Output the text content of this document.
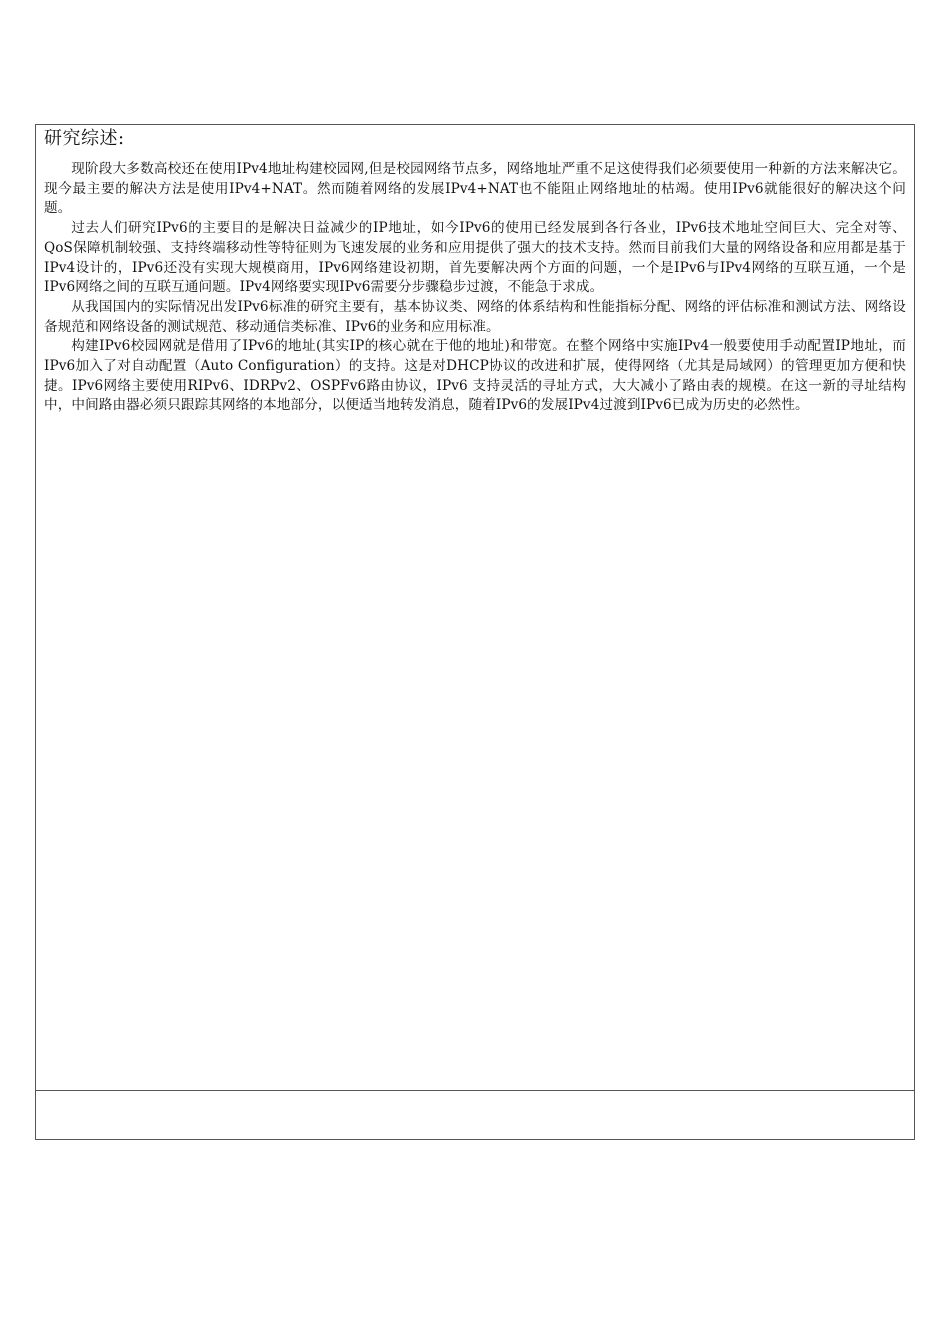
研究综述:

现阶段大多数高校还在使用IPv4地址构建校园网,但是校园网络节点多，网络地址严重不足这使得我们必须要使用一种新的方法来解决它。现今最主要的解决方法是使用IPv4+NAT。然而随着网络的发展IPv4+NAT也不能阻止网络地址的枯竭。使用IPv6就能很好的解决这个问题。

过去人们研究IPv6的主要目的是解决日益减少的IP地址，如今IPv6的使用已经发展到各行各业，IPv6技术地址空间巨大、完全对等、QoS保障机制较强、支持终端移动性等特征则为飞速发展的业务和应用提供了强大的技术支持。然而目前我们大量的网络设备和应用都是基于IPv4设计的，IPv6还没有实现大规模商用，IPv6网络建设初期，首先要解决两个方面的问题，一个是IPv6与IPv4网络的互联互通，一个是IPv6网络之间的互联互通问题。IPv4网络要实现IPv6需要分步骤稳步过渡，不能急于求成。

从我国国内的实际情况出发IPv6标准的研究主要有，基本协议类、网络的体系结构和性能指标分配、网络的评估标准和测试方法、网络设备规范和网络设备的测试规范、移动通信类标准、IPv6的业务和应用标准。

构建IPv6校园网就是借用了IPv6的地址(其实IP的核心就在于他的地址)和带宽。在整个网络中实施IPv4一般要使用手动配置IP地址，而IPv6加入了对自动配置（Auto Configuration）的支持。这是对DHCP协议的改进和扩展，使得网络（尤其是局域网）的管理更加方便和快捷。IPv6网络主要使用RIPv6、IDRPv2、OSPFv6路由协议，IPv6 支持灵活的寻址方式，大大减小了路由表的规模。在这一新的寻址结构中，中间路由器必须只跟踪其网络的本地部分，以便适当地转发消息，随着IPv6的发展IPv4过渡到IPv6已成为历史的必然性。
